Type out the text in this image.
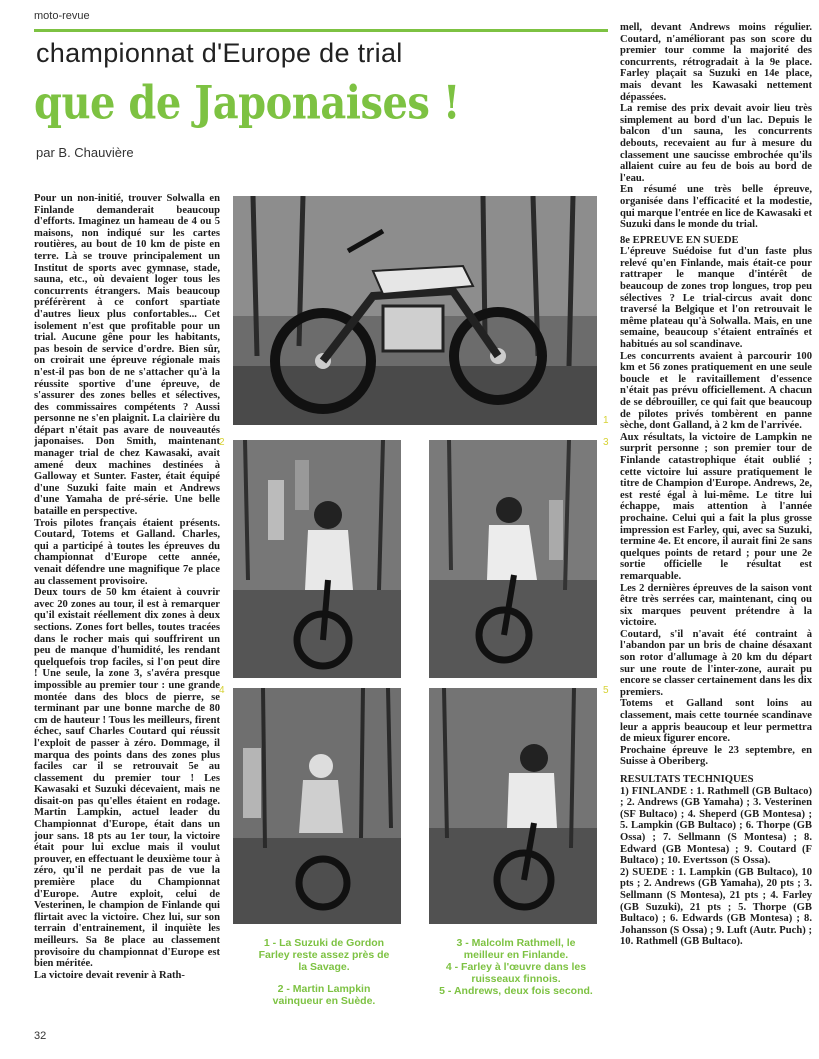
moto-revue
championnat d'Europe de trial
que de Japonaises !
par B. Chauvière

Pour un non-initié, trouver Solwalla en Finlande demanderait beaucoup d'efforts. Imaginez un hameau de 4 ou 5 maisons, non indiqué sur les cartes routières, au bout de 10 km de piste en terre. Là se trouve principalement un Institut de sports avec gymnase, stade, sauna, etc., où devaient loger tous les concurrents étrangers. Mais beaucoup préférèrent à ce confort spartiate d'autres lieux plus confortables... Cet isolement n'est que profitable pour un trial. Aucune gêne pour les habitants, pas besoin de service d'ordre. Bien sûr, on croirait une épreuve régionale mais n'est-il pas bon de ne s'attacher qu'à la réussite sportive d'une épreuve, de s'assurer des zones belles et sélectives, des commissaires compétents ? Aussi personne ne s'en plaignit. La clairière du départ n'était pas avare de nouveautés japonaises. Don Smith, maintenant manager trial de chez Kawasaki, avait amené deux machines destinées à Galloway et Sunter. Faster, était équipé d'une Suzuki faite main et Andrews d'une Yamaha de pré-série. Une belle bataille en perspective.

Trois pilotes français étaient présents. Coutard, Totems et Galland. Charles, qui a participé à toutes les épreuves du championnat d'Europe cette année, venait défendre une magnifique 7e place au classement provisoire.

Deux tours de 50 km étaient à couvrir avec 20 zones au tour, il est à remarquer qu'il existait réellement dix zones à deux sections. Zones fort belles, toutes tracées dans le rocher mais qui souffrirent un peu de manque d'humidité, les rendant quelquefois trop faciles, si l'on peut dire ! Une seule, la zone 3, s'avéra presque impossible au premier tour : une grande montée dans des blocs de pierre, se terminant par une bonne marche de 80 cm de hauteur ! Tous les meilleurs, firent échec, sauf Charles Coutard qui réussit l'exploit de passer à zéro. Dommage, il marqua des points dans des zones plus faciles car il se retrouvait 5e au classement du premier tour ! Les Kawasaki et Suzuki décevaient, mais ne disait-on pas qu'elles étaient en rodage. Martin Lampkin, actuel leader du Championnat d'Europe, était dans un jour sans. 18 pts au 1er tour, la victoire était pour lui exclue mais il voulut prouver, en effectuant le deuxième tour à zéro, qu'il ne perdait pas de vue la première place du Championnat d'Europe. Autre exploit, celui de Vesterinen, le champion de Finlande qui flirtait avec la victoire. Chez lui, sur son terrain d'entrainement, il inquiète les meilleurs. Sa 8e place au classement provisoire du championnat d'Europe est bien méritée.

La victoire devait revenir à Rath-

1
2	3
4	5

1 - La Suzuki de Gordon Farley reste assez près de la Savage.

2 - Martin Lampkin vainqueur en Suède.

3 - Malcolm Rathmell, le meilleur en Finlande.

4 - Farley à l'œuvre dans les ruisseaux finnois.

5 - Andrews, deux fois second.

mell, devant Andrews moins régulier. Coutard, n'améliorant pas son score du premier tour comme la majorité des concurrents, rétrogradait à la 9e place. Farley plaçait sa Suzuki en 14e place, mais devant les Kawasaki nettement dépassées.

La remise des prix devait avoir lieu très simplement au bord d'un lac. Depuis le balcon d'un sauna, les concurrents debouts, recevaient au fur à mesure du classement une saucisse embrochée qu'ils allaient cuire au feu de bois au bord de l'eau.

En résumé une très belle épreuve, organisée dans l'efficacité et la modestie, qui marque l'entrée en lice de Kawasaki et Suzuki dans le monde du trial.

8e EPREUVE EN SUEDE

L'épreuve Suédoise fut d'un faste plus relevé qu'en Finlande, mais était-ce pour rattraper le manque d'intérêt de beaucoup de zones trop longues, trop peu sélectives ? Le trial-circus avait donc traversé la Belgique et l'on retrouvait le même plateau qu'à Solwalla. Mais, en une semaine, beaucoup s'étaient entraînés et habitués au sol scandinave.

Les concurrents avaient à parcourir 100 km et 56 zones pratiquement en une seule boucle et le ravitaillement d'essence n'était pas prévu officiellement. A chacun de se débrouiller, ce qui fait que beaucoup de pilotes privés tombèrent en panne sèche, dont Galland, à 2 km de l'arrivée.

Aux résultats, la victoire de Lampkin ne surprit personne ; son premier tour de Finlande catastrophique était oublié ; cette victoire lui assure pratiquement le titre de Champion d'Europe. Andrews, 2e, est resté égal à lui-même. Le titre lui échappe, mais attention à l'année prochaine. Celui qui a fait la plus grosse impression est Farley, qui, avec sa Suzuki, termine 4e. Et encore, il aurait fini 2e sans quelques points de retard ; pour une 2e sortie officielle le résultat est remarquable.

Les 2 dernières épreuves de la saison vont être très serrées car, maintenant, cinq ou six marques peuvent prétendre à la victoire.

Coutard, s'il n'avait été contraint à l'abandon par un bris de chaine désaxant son rotor d'allumage à 20 km du départ sur une route de l'inter-zone, aurait pu encore se classer certainement dans les dix premiers.

Totems et Galland sont loins au classement, mais cette tournée scandinave leur a appris beaucoup et leur permettra de mieux figurer encore.

Prochaine épreuve le 23 septembre, en Suisse à Oberiberg.

RESULTATS TECHNIQUES

1) FINLANDE : 1. Rathmell (GB Bultaco) ; 2. Andrews (GB Yamaha) ; 3. Vesterinen (SF Bultaco) ; 4. Sheperd (GB Montesa) ; 5. Lampkin (GB Bultaco) ; 6. Thorpe (GB Ossa) ; 7. Sellmann (S Montesa) ; 8. Edward (GB Montesa) ; 9. Coutard (F Bultaco) ; 10. Evertsson (S Ossa).

2) SUEDE : 1. Lampkin (GB Bultaco), 10 pts ; 2. Andrews (GB Yamaha), 20 pts ; 3. Sellmann (S Montesa), 21 pts ; 4. Farley (GB Suzuki), 21 pts ; 5. Thorpe (GB Bultaco) ; 6. Edwards (GB Montesa) ; 8. Johansson (S Ossa) ; 9. Luft (Autr. Puch) ; 10. Rathmell (GB Bultaco).

32
